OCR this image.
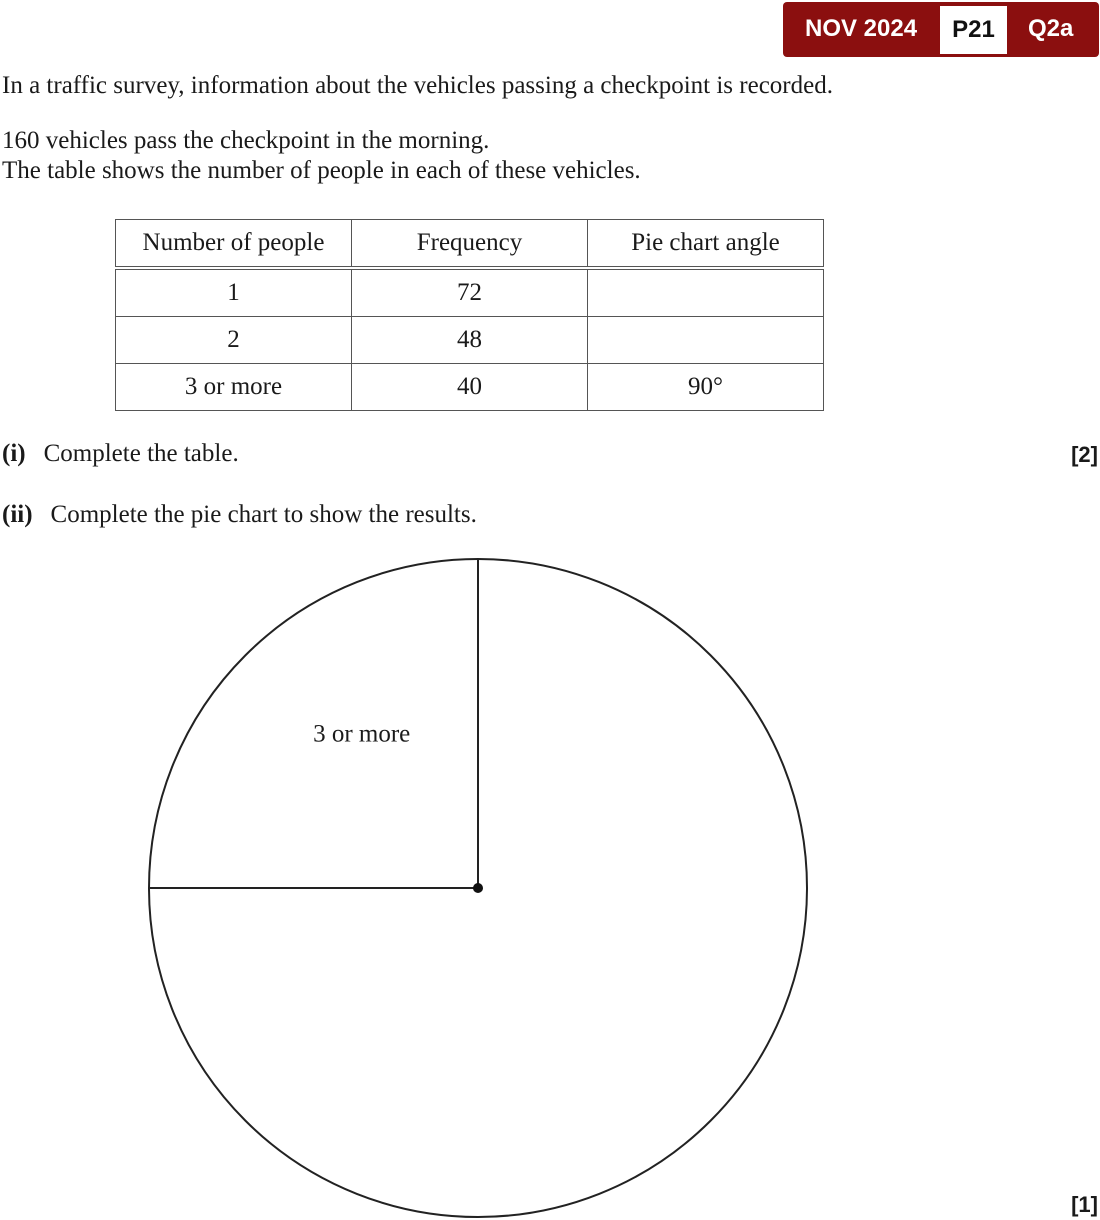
NOV 2024	P21	Q2a
In a traffic survey, information about the vehicles passing a checkpoint is recorded.
160 vehicles pass the checkpoint in the morning.
The table shows the number of people in each of these vehicles.
Number of people	Frequency	Pie chart angle
1	72	
2	48	
3 or more	40	90°
(i) Complete the table.	[2]
(ii) Complete the pie chart to show the results.
3 or more
[1]
